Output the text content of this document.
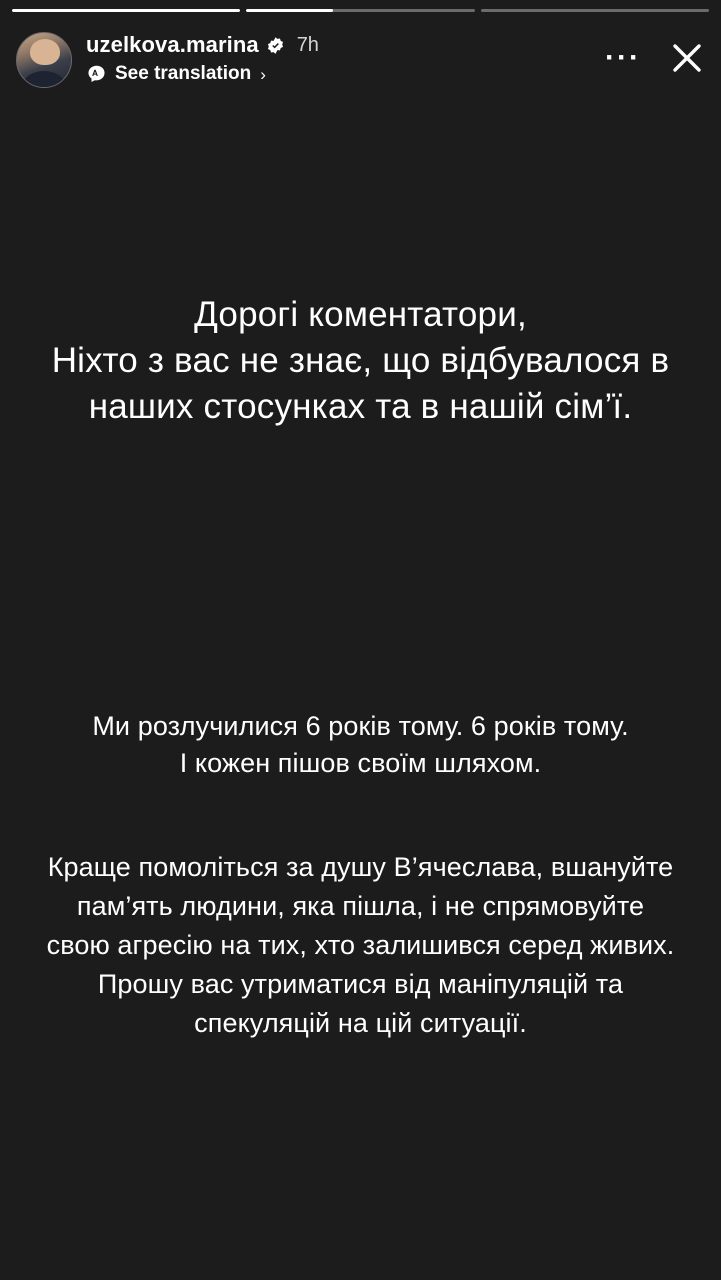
uzelkova.marina 7h
See translation ›	···
Дорогі коментатори,
Ніхто з вас не знає, що відбувалося в
наших стосунках та в нашій сім’ї.
Ми розлучилися 6 років тому. 6 років тому.
І кожен пішов своїм шляхом.
Краще помоліться за душу В’ячеслава, вшануйте
пам’ять людини, яка пішла, і не спрямовуйте
свою агресію на тих, хто залишився серед живих.
Прошу вас утриматися від маніпуляцій та
спекуляцій на цій ситуації.
